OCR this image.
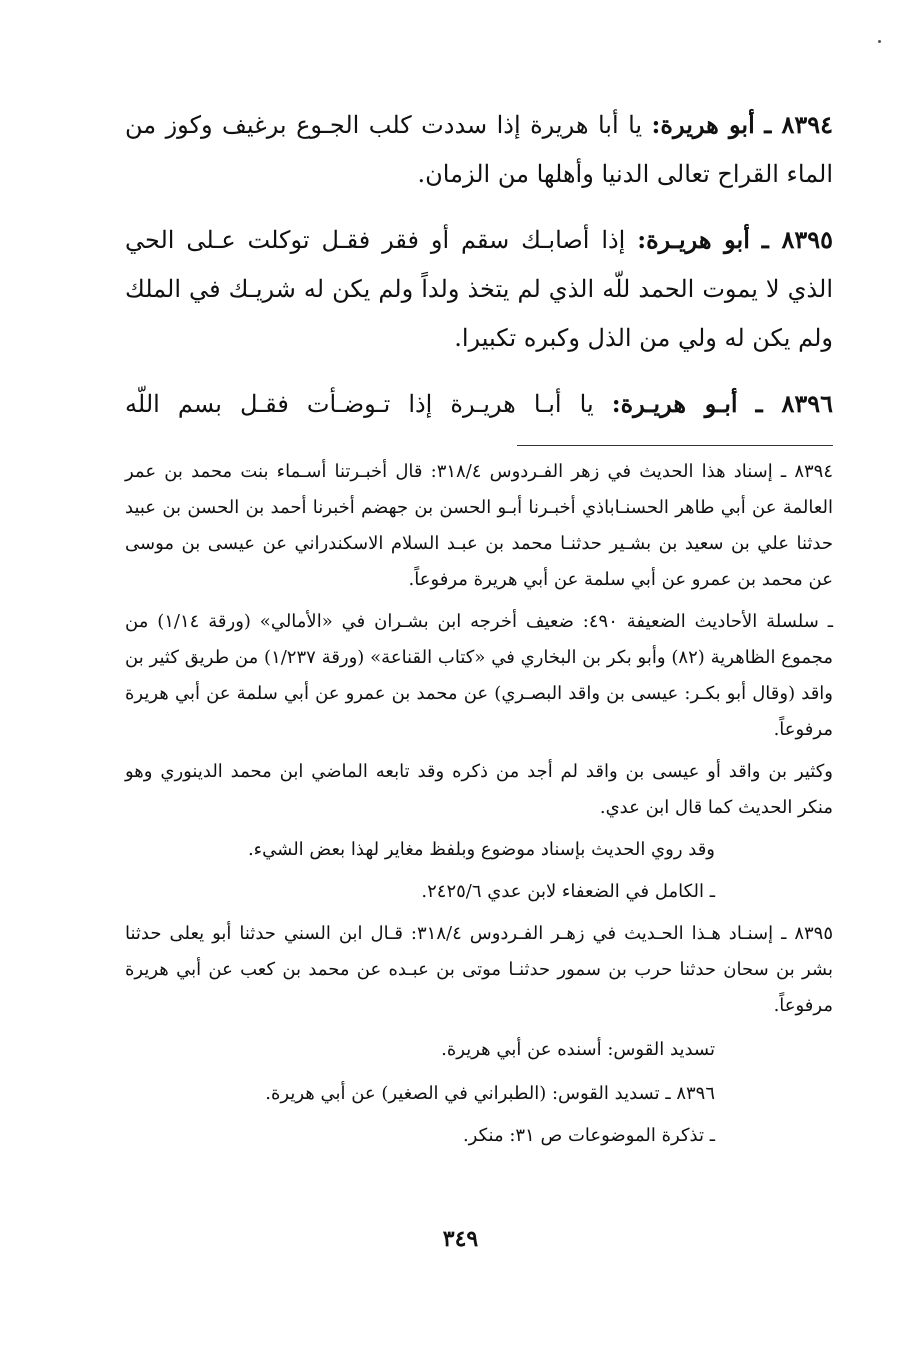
٨٣٩٤ ـ أبو هريرة: يا أبا هريرة إذا سددت كلب الجـوع برغيف وكوز من الماء القراح تعالى الدنيا وأهلها من الزمان.

٨٣٩٥ ـ أبو هريـرة: إذا أصابـك سقم أو فقر فقـل توكلت عـلى الحي الذي لا يموت الحمد للّه الذي لم يتخذ ولداً ولم يكن له شريـك في الملك ولم يكن له ولي من الذل وكبره تكبيرا.

٨٣٩٦ ـ أبـو هريـرة: يا أبـا هريـرة إذا تـوضـأت فقـل بسم اللّه

٨٣٩٤ ـ إسناد هذا الحديث في زهر الفـردوس ٣١٨/٤: قال أخبـرتنا أسـماء بنت محمد بن عمر العالمة عن أبي طاهر الحسنـاباذي أخبـرنا أبـو الحسن بن جهضم أخبرنا أحمد بن الحسن بن عبيد حدثنا علي بن سعيد بن بشـير حدثنـا محمد بن عبـد السلام الاسكندراني عن عيسى بن موسى عن محمد بن عمرو عن أبي سلمة عن أبي هريرة مرفوعاً.

ـ سلسلة الأحاديث الضعيفة ٤٩٠: ضعيف أخرجه ابن بشـران في «الأمالي» (ورقة ١/١٤) من مجموع الظاهرية (٨٢) وأبو بكر بن البخاري في «كتاب القناعة» (ورقة ١/٢٣٧) من طريق كثير بن واقد (وقال أبو بكـر: عيسى بن واقد البصـري) عن محمد بن عمرو عن أبي سلمة عن أبي هريرة مرفوعاً.

وكثير بن واقد أو عيسى بن واقد لم أجد من ذكره وقد تابعه الماضي ابن محمد الدينوري وهو منكر الحديث كما قال ابن عدي.

وقد روي الحديث بإسناد موضوع وبلفظ مغاير لهذا بعض الشيء.

ـ الكامل في الضعفاء لابن عدي ٢٤٢٥/٦.

٨٣٩٥ ـ إسنـاد هـذا الحـديث في زهـر الفـردوس ٣١٨/٤: قـال ابن السني حدثنا أبو يعلى حدثنا بشر بن سحان حدثنا حرب بن سمور حدثنـا موتى بن عبـده عن محمد بن كعب عن أبي هريرة مرفوعاً.

تسديد القوس: أسنده عن أبي هريرة.

٨٣٩٦ ـ تسديد القوس: (الطبراني في الصغير) عن أبي هريرة.

ـ تذكرة الموضوعات ص ٣١: منكر.

٣٤٩
